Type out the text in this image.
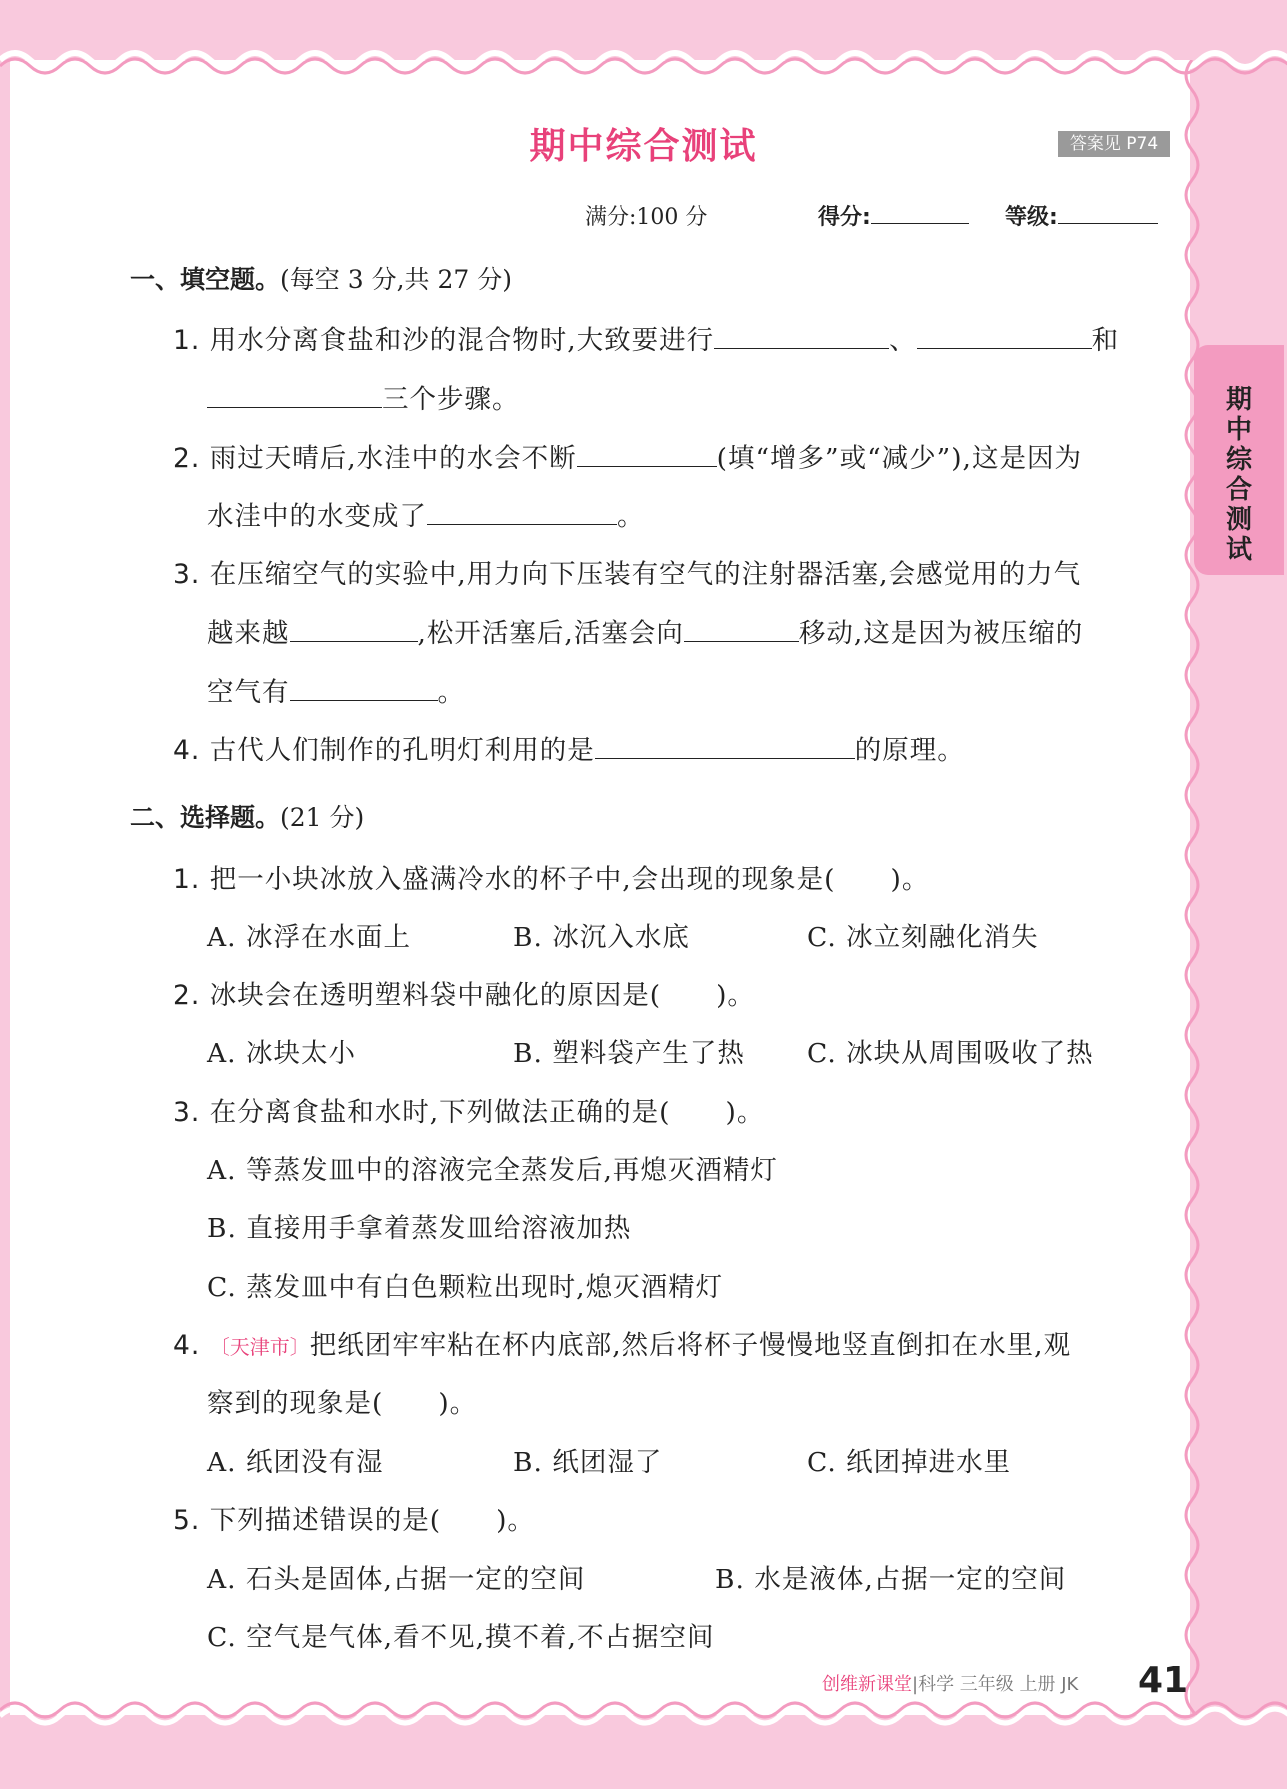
期中综合测试	答案见 P74
满分:100 分	得分:	等级:
期中综合测试
一、填空题。(每空 3 分,共 27 分)
1. 用水分离食盐和沙的混合物时,大致要进行	、	和
三个步骤。
2. 雨过天晴后,水洼中的水会不断	(填“增多”或“减少”),这是因为
水洼中的水变成了	。
3. 在压缩空气的实验中,用力向下压装有空气的注射器活塞,会感觉用的力气
越来越	,松开活塞后,活塞会向	移动,这是因为被压缩的
空气有	。
4. 古代人们制作的孔明灯利用的是	的原理。
二、选择题。(21 分)
1. 把一小块冰放入盛满冷水的杯子中,会出现的现象是(　　)。
A. 冰浮在水面上	B. 冰沉入水底	C. 冰立刻融化消失
2. 冰块会在透明塑料袋中融化的原因是(　　)。
A. 冰块太小	B. 塑料袋产生了热 C. 冰块从周围吸收了热
3. 在分离食盐和水时,下列做法正确的是(　　)。
A. 等蒸发皿中的溶液完全蒸发后,再熄灭酒精灯
B. 直接用手拿着蒸发皿给溶液加热
C. 蒸发皿中有白色颗粒出现时,熄灭酒精灯
4. 〔天津市〕把纸团牢牢粘在杯内底部,然后将杯子慢慢地竖直倒扣在水里,观
察到的现象是(　　)。
A. 纸团没有湿	B. 纸团湿了	C. 纸团掉进水里
5. 下列描述错误的是(　　)。
A. 石头是固体,占据一定的空间	B. 水是液体,占据一定的空间
C. 空气是气体,看不见,摸不着,不占据空间
创维新课堂|科学 三年级 上册 JK 41
